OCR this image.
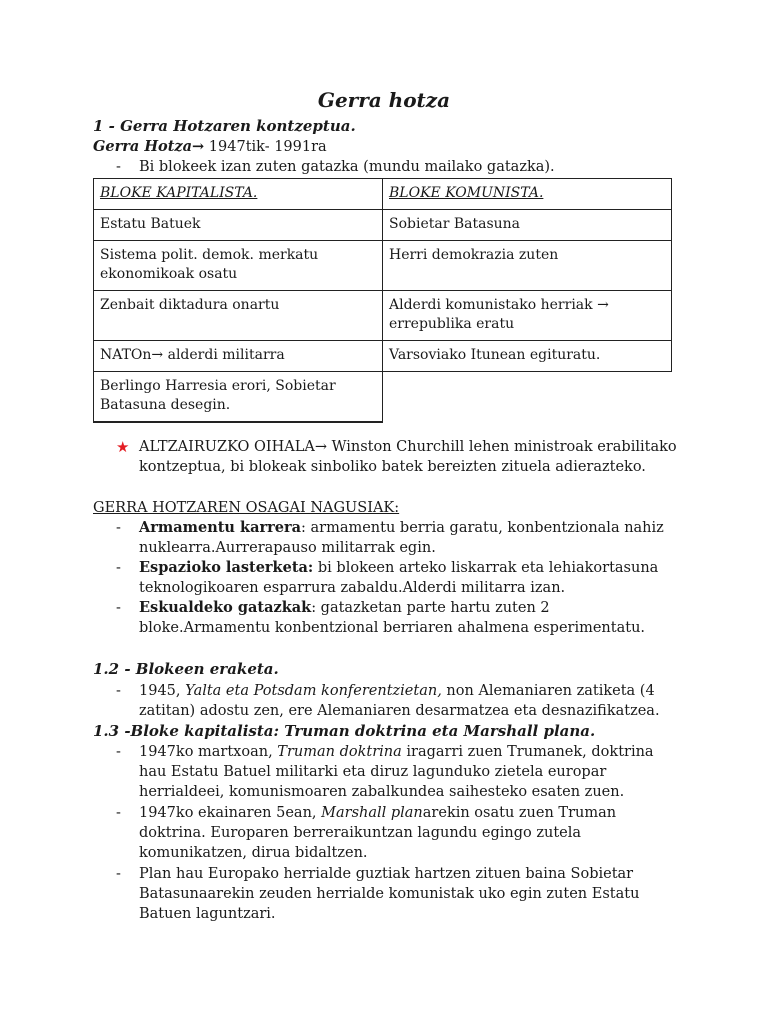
Gerra hotza
1 - Gerra Hotzaren kontzeptua.
Gerra Hotza→ 1947tik- 1991ra
- Bi blokeek izan zuten gatazka (mundu mailako gatazka).
BLOKE KAPITALISTA.	BLOKE KOMUNISTA.
Estatu Batuek	Sobietar Batasuna
Sistema polit. demok. merkatu ekonomikoak osatu	Herri demokrazia zuten
Zenbait diktadura onartu	Alderdi komunistako herriak → errepublika eratu
NATOn→ alderdi militarra	Varsoviako Itunean egituratu.
Berlingo Harresia erori, Sobietar Batasuna desegin.	
★ ALTZAIRUZKO OIHALA→ Winston Churchill lehen ministroak erabilitako kontzeptua, bi blokeak sinboliko batek bereizten zituela adierazteko.
GERRA HOTZAREN OSAGAI NAGUSIAK:
- Armamentu karrera: armamentu berria garatu, konbentzionala nahiz nuklearra.Aurrerapauso militarrak egin.
- Espazioko lasterketa: bi blokeen arteko liskarrak eta lehiakortasuna teknologikoaren esparrura zabaldu.Alderdi militarra izan.
- Eskualdeko gatazkak: gatazketan parte hartu zuten 2 bloke.Armamentu konbentzional berriaren ahalmena esperimentatu.
1.2 - Blokeen eraketa.
- 1945, Yalta eta Potsdam konferentzietan, non Alemaniaren zatiketa (4 zatitan) adostu zen, ere Alemaniaren desarmatzea eta desnazifikatzea.
1.3 -Bloke kapitalista: Truman doktrina eta Marshall plana.
- 1947ko martxoan, Truman doktrina iragarri zuen Trumanek, doktrina hau Estatu Batuel militarki eta diruz lagunduko zietela europar herrialdeei, komunismoaren zabalkundea saihesteko esaten zuen.
- 1947ko ekainaren 5ean, Marshall planarekin osatu zuen Truman doktrina. Europaren berreraikuntzan lagundu egingo zutela komunikatzen, dirua bidaltzen.
- Plan hau Europako herrialde guztiak hartzen zituen baina Sobietar Batasunaarekin zeuden herrialde komunistak uko egin zuten Estatu Batuen laguntzari.
